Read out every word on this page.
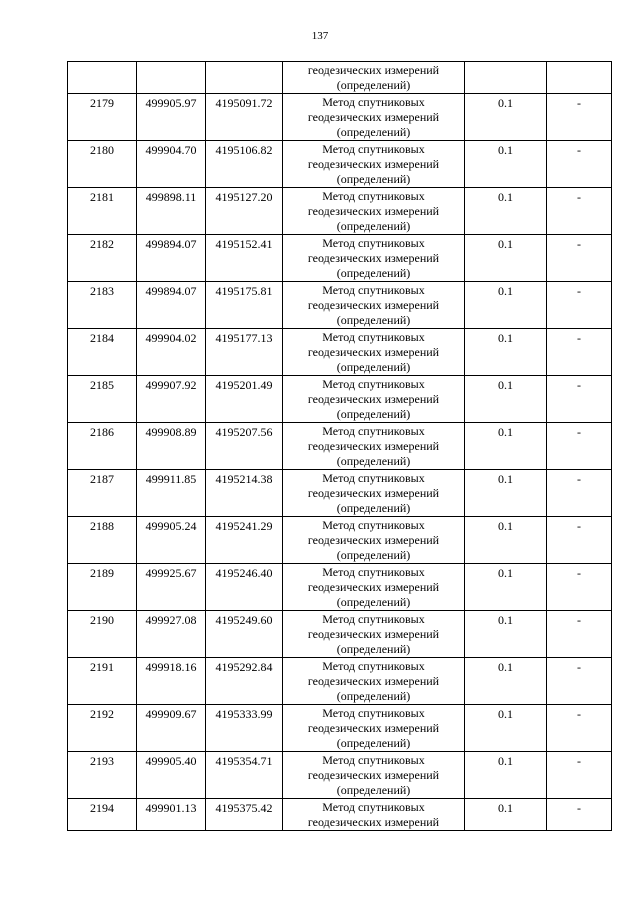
137

			геодезических измерений
(определений)		

2179	499905.97	4195091.72	Метод спутниковых
геодезических измерений
(определений)	0.1	-
2180	499904.70	4195106.82	Метод спутниковых
геодезических измерений
(определений)	0.1	-
2181	499898.11	4195127.20	Метод спутниковых
геодезических измерений
(определений)	0.1	-
2182	499894.07	4195152.41	Метод спутниковых
геодезических измерений
(определений)	0.1	-
2183	499894.07	4195175.81	Метод спутниковых
геодезических измерений
(определений)	0.1	-
2184	499904.02	4195177.13	Метод спутниковых
геодезических измерений
(определений)	0.1	-
2185	499907.92	4195201.49	Метод спутниковых
геодезических измерений
(определений)	0.1	-
2186	499908.89	4195207.56	Метод спутниковых
геодезических измерений
(определений)	0.1	-
2187	499911.85	4195214.38	Метод спутниковых
геодезических измерений
(определений)	0.1	-
2188	499905.24	4195241.29	Метод спутниковых
геодезических измерений
(определений)	0.1	-
2189	499925.67	4195246.40	Метод спутниковых
геодезических измерений
(определений)	0.1	-
2190	499927.08	4195249.60	Метод спутниковых
геодезических измерений
(определений)	0.1	-
2191	499918.16	4195292.84	Метод спутниковых
геодезических измерений
(определений)	0.1	-
2192	499909.67	4195333.99	Метод спутниковых
геодезических измерений
(определений)	0.1	-
2193	499905.40	4195354.71	Метод спутниковых
геодезических измерений
(определений)	0.1	-
2194	499901.13	4195375.42	Метод спутниковых
геодезических измерений	0.1	-
